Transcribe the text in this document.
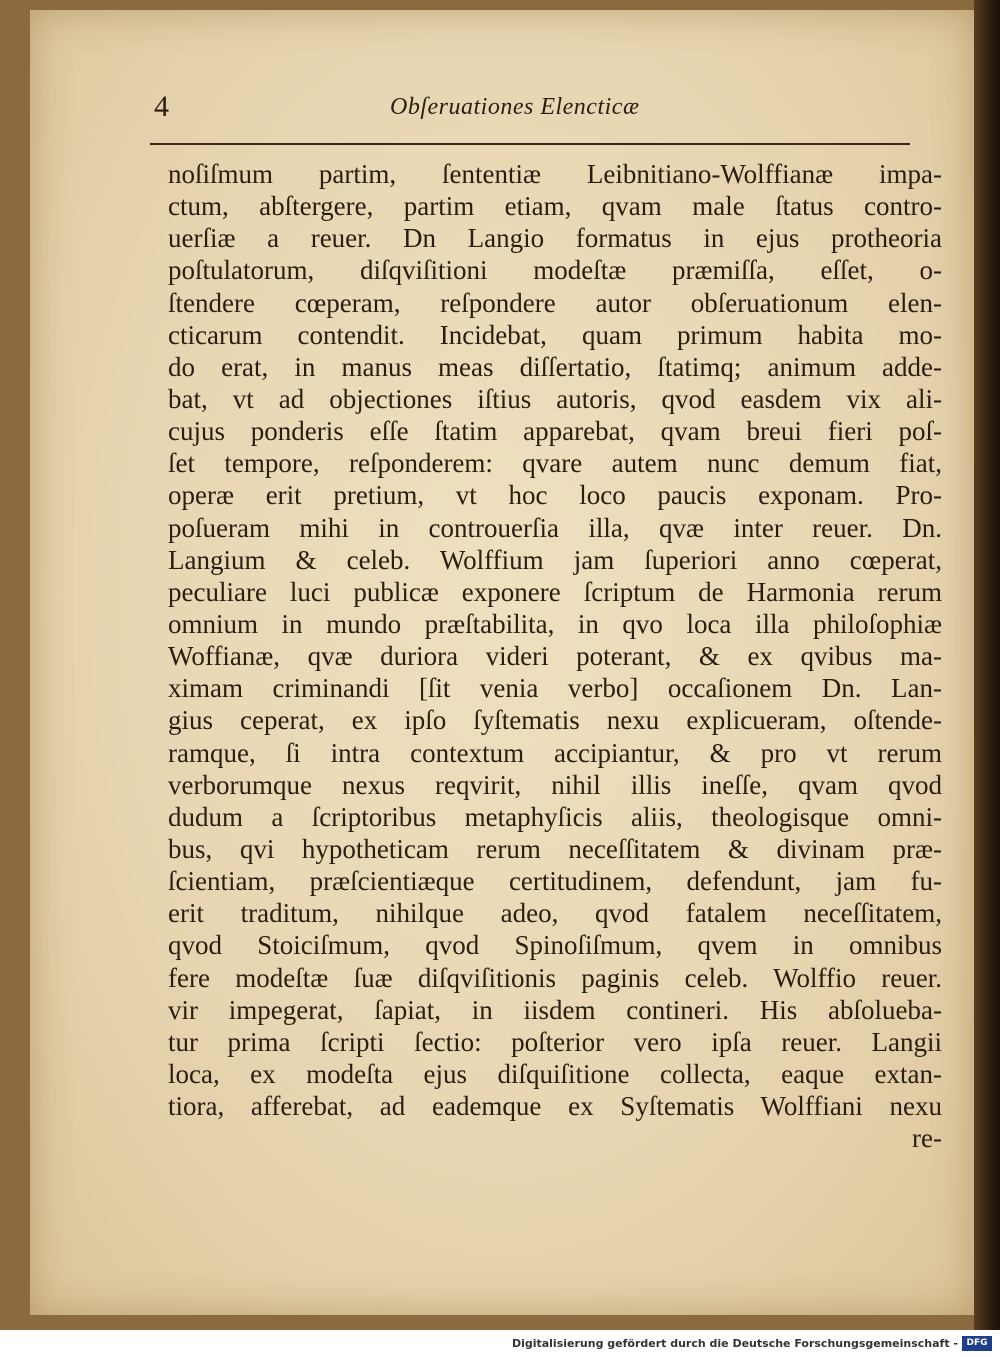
4	Obſeruationes Elencticæ
noſiſmum partim, ſententiæ Leibnitiano-Wolffianæ impa-
ctum, abſtergere, partim etiam, qvam male ſtatus contro-
uerſiæ a reuer. Dn Langio formatus in ejus protheoria
poſtulatorum, diſqviſitioni modeſtæ præmiſſa, eſſet, o-
ſtendere cœperam, reſpondere autor obſeruationum elen-
cticarum contendit. Incidebat, quam primum habita mo-
do erat, in manus meas diſſertatio, ſtatimq; animum adde-
bat, vt ad objectiones iſtius autoris, qvod easdem vix ali-
cujus ponderis eſſe ſtatim apparebat, qvam breui fieri poſ-
ſet tempore, reſponderem: qvare autem nunc demum fiat,
operæ erit pretium, vt hoc loco paucis exponam. Pro-
poſueram mihi in controuerſia illa, qvæ inter reuer. Dn.
Langium & celeb. Wolffium jam ſuperiori anno cœperat,
peculiare luci publicæ exponere ſcriptum de Harmonia rerum
omnium in mundo præſtabilita, in qvo loca illa philoſophiæ
Woffianæ, qvæ duriora videri poterant, & ex qvibus ma-
ximam criminandi [ſit venia verbo] occaſionem Dn. Lan-
gius ceperat, ex ipſo ſyſtematis nexu explicueram, oſtende-
ramque, ſi intra contextum accipiantur, & pro vt rerum
verborumque nexus reqvirit, nihil illis ineſſe, qvam qvod
dudum a ſcriptoribus metaphyſicis aliis, theologisque omni-
bus, qvi hypotheticam rerum neceſſitatem & divinam præ-
ſcientiam, præſcientiæque certitudinem, defendunt, jam fu-
erit traditum, nihilque adeo, qvod fatalem neceſſitatem,
qvod Stoiciſmum, qvod Spinoſiſmum, qvem in omnibus
fere modeſtæ ſuæ diſqviſitionis paginis celeb. Wolffio reuer.
vir impegerat, ſapiat, in iisdem contineri. His abſolueba-
tur prima ſcripti ſectio: poſterior vero ipſa reuer. Langii
loca, ex modeſta ejus diſquiſitione collecta, eaque extan-
tiora, afferebat, ad eademque ex Syſtematis Wolffiani nexu
re-
Digitalisierung gefördert durch die Deutsche Forschungsgemeinschaft - DFG
